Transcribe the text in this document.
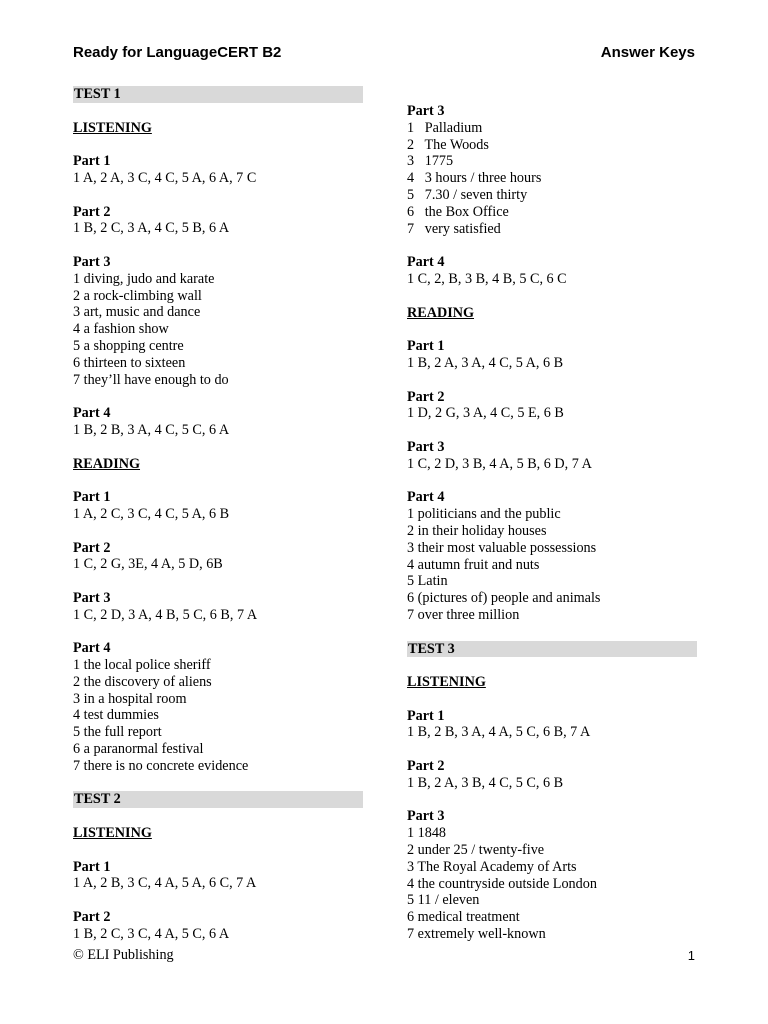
Ready for LanguageCERT B2	Answer Keys
TEST 1
LISTENING
Part 1
1 A, 2 A, 3 C, 4 C, 5 A, 6 A, 7 C
Part 2
1 B, 2 C, 3 A, 4 C, 5 B, 6 A
Part 3
1 diving, judo and karate
2 a rock-climbing wall
3 art, music and dance
4 a fashion show
5 a shopping centre
6 thirteen to sixteen
7 they’ll have enough to do
Part 4
1 B, 2 B, 3 A, 4 C, 5 C, 6 A
READING
Part 1
1 A, 2 C, 3 C, 4 C, 5 A, 6 B
Part 2
1 C, 2 G, 3E, 4 A, 5 D, 6B
Part 3
1 C, 2 D, 3 A, 4 B, 5 C, 6 B, 7 A
Part 4
1 the local police sheriff
2 the discovery of aliens
3 in a hospital room
4 test dummies
5 the full report
6 a paranormal festival
7 there is no concrete evidence
TEST 2
LISTENING
Part 1
1 A, 2 B, 3 C, 4 A, 5 A, 6 C, 7 A
Part 2
1 B, 2 C, 3 C, 4 A, 5 C, 6 A
Part 3
1   Palladium
2   The Woods
3   1775
4   3 hours / three hours
5   7.30 / seven thirty
6   the Box Office
7   very satisfied
Part 4
1 C, 2, B, 3 B, 4 B, 5 C, 6 C
READING
Part 1
1 B, 2 A, 3 A, 4 C, 5 A, 6 B
Part 2
1 D, 2 G, 3 A, 4 C, 5 E, 6 B
Part 3
1 C, 2 D, 3 B, 4 A, 5 B, 6 D, 7 A
Part 4
1 politicians and the public
2 in their holiday houses
3 their most valuable possessions
4 autumn fruit and nuts
5 Latin
6 (pictures of) people and animals
7 over three million
TEST 3
LISTENING
Part 1
1 B, 2 B, 3 A, 4 A, 5 C, 6 B, 7 A
Part 2
1 B, 2 A, 3 B, 4 C, 5 C, 6 B
Part 3
1 1848
2 under 25 / twenty-five
3 The Royal Academy of Arts
4 the countryside outside London
5 11 / eleven
6 medical treatment
7 extremely well-known
© ELI Publishing	1
